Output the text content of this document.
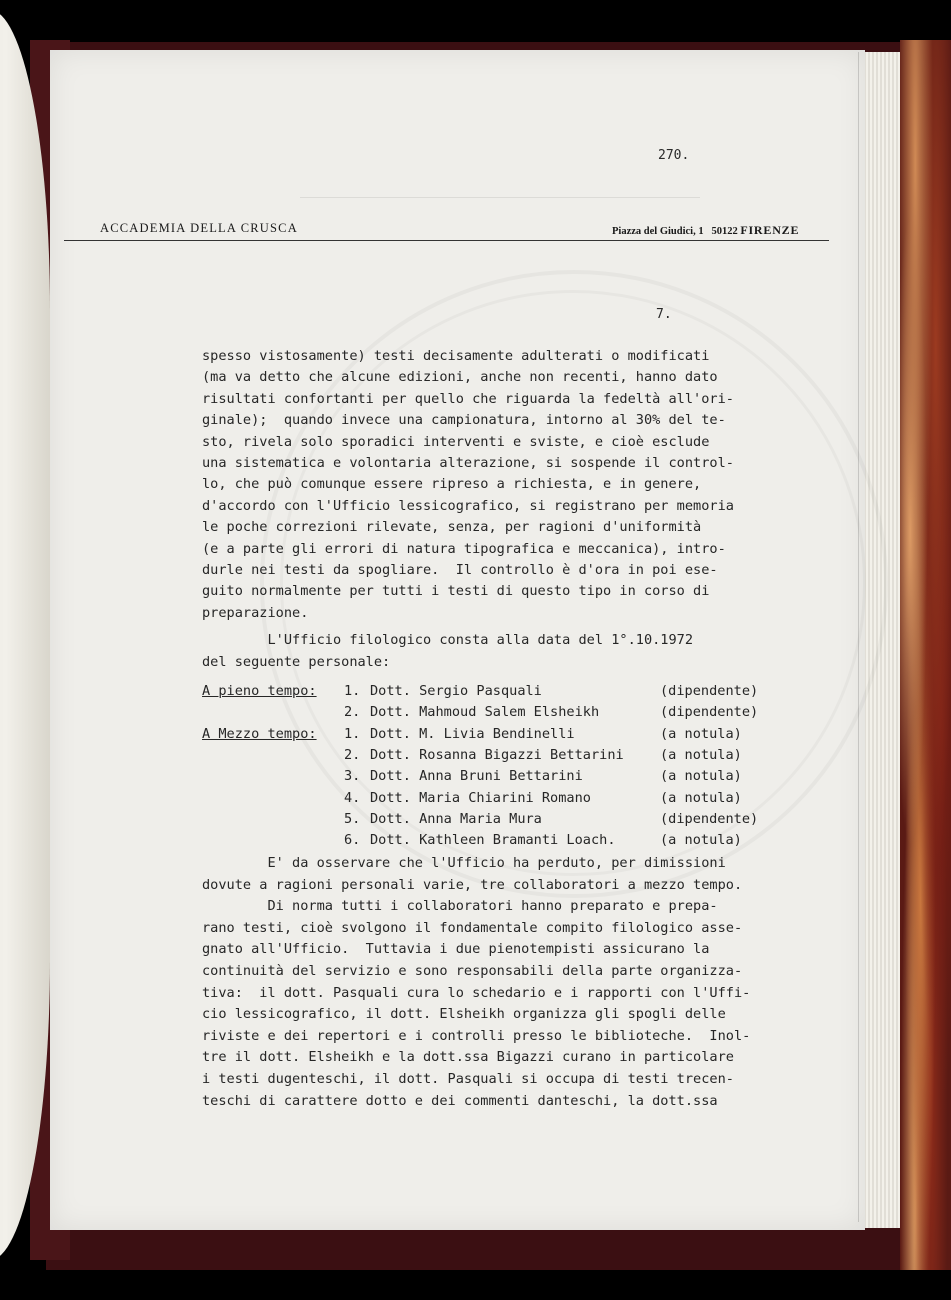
270.
ACCADEMIA DELLA CRUSCA	Piazza del Giudici, 1 50122 FIRENZE
7.
spesso vistosamente) testi decisamente adulterati o modificati
(ma va detto che alcune edizioni, anche non recenti, hanno dato
risultati confortanti per quello che riguarda la fedeltà all'ori-
ginale);  quando invece una campionatura, intorno al 30% del te-
sto, rivela solo sporadici interventi e sviste, e cioè esclude
una sistematica e volontaria alterazione, si sospende il control-
lo, che può comunque essere ripreso a richiesta, e in genere,
d'accordo con l'Ufficio lessicografico, si registrano per memoria
le poche correzioni rilevate, senza, per ragioni d'uniformità
(e a parte gli errori di natura tipografica e meccanica), intro-
durle nei testi da spogliare.  Il controllo è d'ora in poi ese-
guito normalmente per tutti i testi di questo tipo in corso di
preparazione.
L'Ufficio filologico consta alla data del 1°.10.1972
del seguente personale:
A pieno tempo: 1. Dott. Sergio Pasquali	(dipendente)
2. Dott. Mahmoud Salem Elsheikh	(dipendente)
A Mezzo tempo: 1. Dott. M. Livia Bendinelli	(a notula)
2. Dott. Rosanna Bigazzi Bettarini	(a notula)
3. Dott. Anna Bruni Bettarini	(a notula)
4. Dott. Maria Chiarini Romano	(a notula)
5. Dott. Anna Maria Mura	(dipendente)
6. Dott. Kathleen Bramanti Loach.	(a notula)
E' da osservare che l'Ufficio ha perduto, per dimissioni
dovute a ragioni personali varie, tre collaboratori a mezzo tempo.
Di norma tutti i collaboratori hanno preparato e prepa-
rano testi, cioè svolgono il fondamentale compito filologico asse-
gnato all'Ufficio.  Tuttavia i due pienotempisti assicurano la
continuità del servizio e sono responsabili della parte organizza-
tiva:  il dott. Pasquali cura lo schedario e i rapporti con l'Uffi-
cio lessicografico, il dott. Elsheikh organizza gli spogli delle
riviste e dei repertori e i controlli presso le biblioteche.  Inol-
tre il dott. Elsheikh e la dott.ssa Bigazzi curano in particolare
i testi dugenteschi, il dott. Pasquali si occupa di testi trecen-
teschi di carattere dotto e dei commenti danteschi, la dott.ssa
